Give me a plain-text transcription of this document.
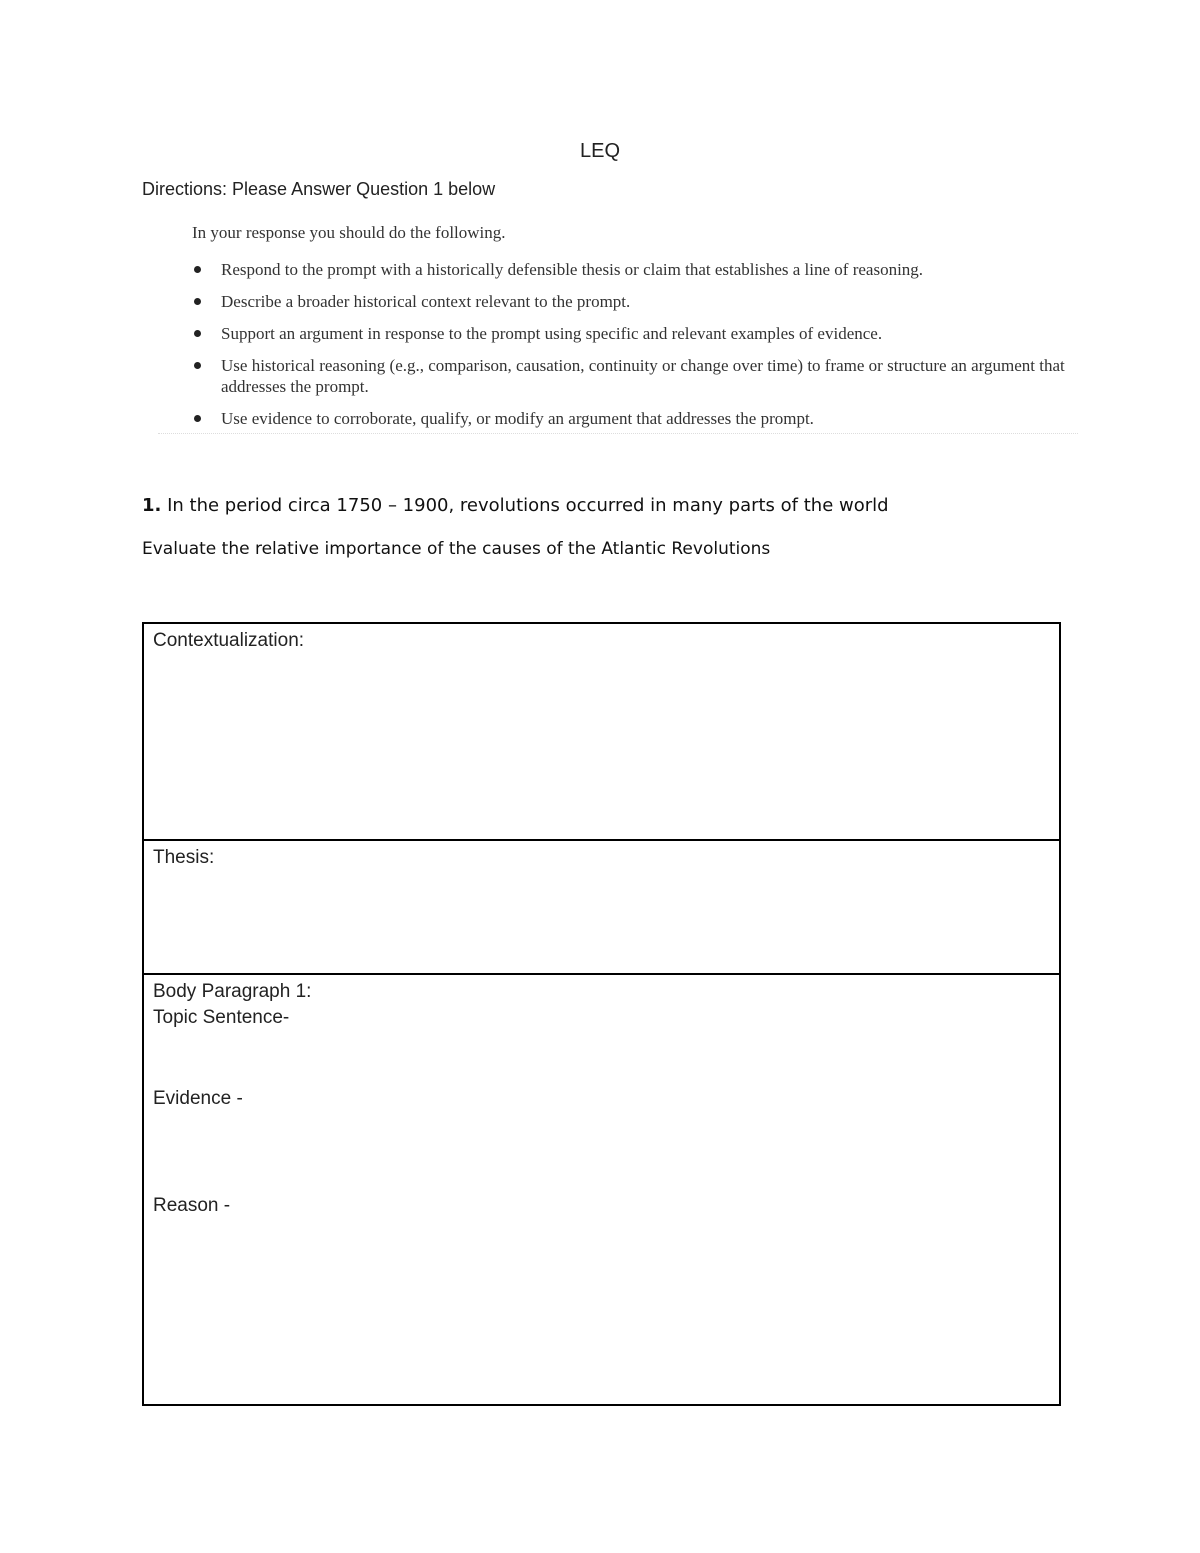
LEQ
Directions: Please Answer Question 1 below
In your response you should do the following.
Respond to the prompt with a historically defensible thesis or claim that establishes a line of reasoning.
Describe a broader historical context relevant to the prompt.
Support an argument in response to the prompt using specific and relevant examples of evidence.
Use historical reasoning (e.g., comparison, causation, continuity or change over time) to frame or structure an argument that addresses the prompt.
Use evidence to corroborate, qualify, or modify an argument that addresses the prompt.
1. In the period circa 1750 – 1900, revolutions occurred in many parts of the world
Evaluate the relative importance of the causes of the Atlantic Revolutions
Contextualization:
Thesis:
Body Paragraph 1:
Topic Sentence-
Evidence -
Reason -
